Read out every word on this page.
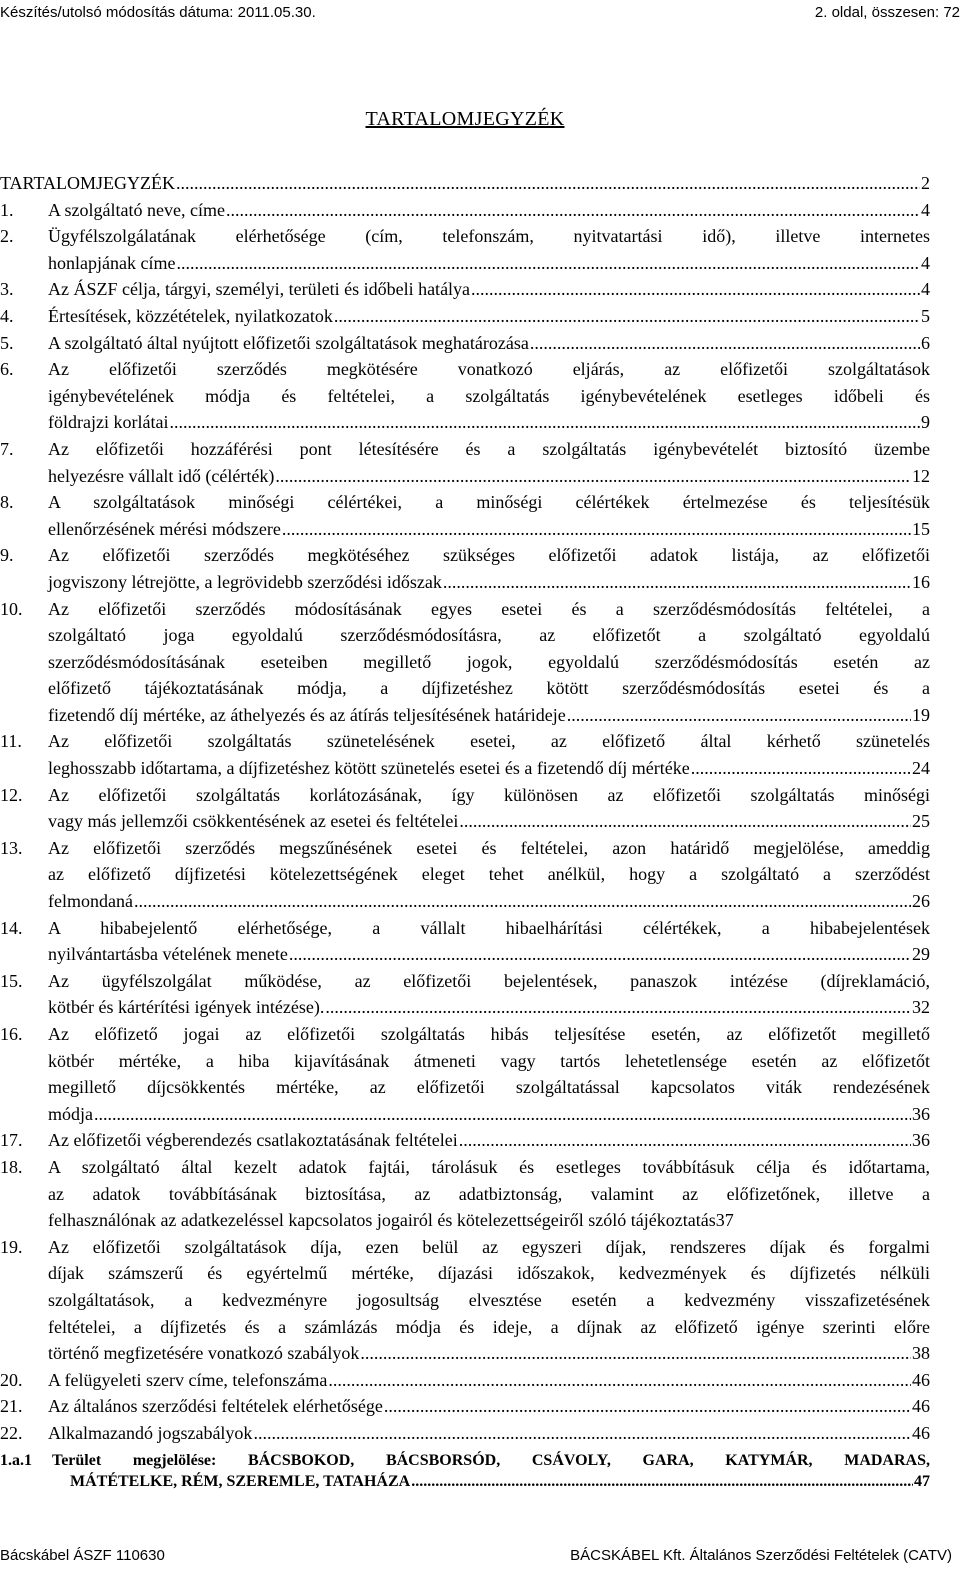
Készítés/utolsó módosítás dátuma: 2011.05.30.	2. oldal, összesen: 72
TARTALOMJEGYZÉK
TARTALOMJEGYZÉK .....	2
1. A szolgáltató neve, címe .....	4
2. Ügyfélszolgálatának elérhetősége (cím, telefonszám, nyitvatartási idő), illetve internetes
honlapjának címe .....	4
3. Az ÁSZF célja, tárgyi, személyi, területi és időbeli hatálya .....	4
4. Értesítések, közzétételek, nyilatkozatok .....	5
5. A szolgáltató által nyújtott előfizetői szolgáltatások meghatározása .....	6
6. Az előfizetői szerződés megkötésére vonatkozó eljárás, az előfizetői szolgáltatások
igénybevételének módja és feltételei, a szolgáltatás igénybevételének esetleges időbeli és
földrajzi korlátai .....	9
7. Az előfizetői hozzáférési pont létesítésére és a szolgáltatás igénybevételét biztosító üzembe
helyezésre vállalt idő (célérték) .....	12
8. A szolgáltatások minőségi célértékei, a minőségi célértékek értelmezése és teljesítésük
ellenőrzésének mérési módszere .....	15
9. Az előfizetői szerződés megkötéséhez szükséges előfizetői adatok listája, az előfizetői
jogviszony létrejötte, a legrövidebb szerződési időszak .....	16
10. Az előfizetői szerződés módosításának egyes esetei és a szerződésmódosítás feltételei, a
szolgáltató joga egyoldalú szerződésmódosításra, az előfizetőt a szolgáltató egyoldalú
szerződésmódosításának eseteiben megillető jogok, egyoldalú szerződésmódosítás esetén az
előfizető tájékoztatásának módja, a díjfizetéshez kötött szerződésmódosítás esetei és a
fizetendő díj mértéke, az áthelyezés és az átírás teljesítésének határideje .....	19
11. Az előfizetői szolgáltatás szünetelésének esetei, az előfizető által kérhető szünetelés
leghosszabb időtartama, a díjfizetéshez kötött szünetelés esetei és a fizetendő díj mértéke .....	24
12. Az előfizetői szolgáltatás korlátozásának, így különösen az előfizetői szolgáltatás minőségi
vagy más jellemzői csökkentésének az esetei és feltételei .....	25
13. Az előfizetői szerződés megszűnésének esetei és feltételei, azon határidő megjelölése, ameddig
az előfizető díjfizetési kötelezettségének eleget tehet anélkül, hogy a szolgáltató a szerződést
felmondaná .....	26
14. A hibabejelentő elérhetősége, a vállalt hibaelhárítási célértékek, a hibabejelentések
nyilvántartásba vételének menete .....	29
15. Az ügyfélszolgálat működése, az előfizetői bejelentések, panaszok intézése (díjreklamáció,
kötbér és kártérítési igények intézése). .....	32
16. Az előfizető jogai az előfizetői szolgáltatás hibás teljesítése esetén, az előfizetőt megillető
kötbér mértéke, a hiba kijavításának átmeneti vagy tartós lehetetlensége esetén az előfizetőt
megillető díjcsökkentés mértéke, az előfizetői szolgáltatással kapcsolatos viták rendezésének
módja .....	36
17. Az előfizetői végberendezés csatlakoztatásának feltételei .....	36
18. A szolgáltató által kezelt adatok fajtái, tárolásuk és esetleges továbbításuk célja és időtartama,
az adatok továbbításának biztosítása, az adatbiztonság, valamint az előfizetőnek, illetve a
felhasználónak az adatkezeléssel kapcsolatos jogairól és kötelezettségeiről szóló tájékoztatás 37
19. Az előfizetői szolgáltatások díja, ezen belül az egyszeri díjak, rendszeres díjak és forgalmi
díjak számszerű és egyértelmű mértéke, díjazási időszakok, kedvezmények és díjfizetés nélküli
szolgáltatások, a kedvezményre jogosultság elvesztése esetén a kedvezmény visszafizetésének
feltételei, a díjfizetés és a számlázás módja és ideje, a díjnak az előfizető igénye szerinti előre
történő megfizetésére vonatkozó szabályok .....	38
20. A felügyeleti szerv címe, telefonszáma .....	46
21. Az általános szerződési feltételek elérhetősége .....	46
22. Alkalmazandó jogszabályok .....	46
1.a.1	Terület megjelölése: BÁCSBOKOD, BÁCSBORSÓD, CSÁVOLY, GARA, KATYMÁR, MADARAS,
MÁTÉTELKE, RÉM, SZEREMLE, TATAHÁZA .....	47
Bácskábel ÁSZF 110630	BÁCSKÁBEL Kft. Általános Szerződési Feltételek (CATV)
